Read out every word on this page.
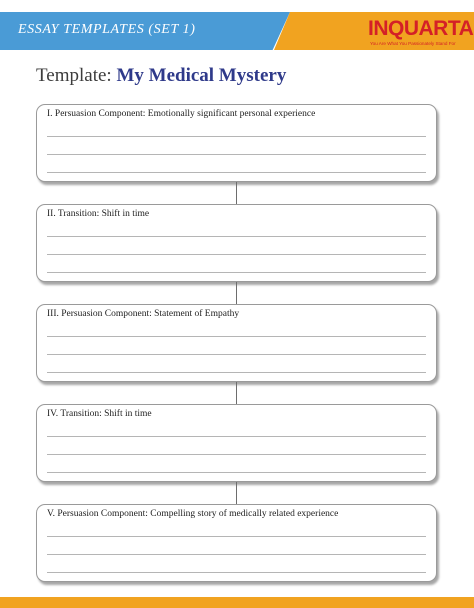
ESSAY TEMPLATES (SET 1)	INQUARTA
You Are What You Passionately Stand For
Template: My Medical Mystery
I. Persuasion Component: Emotionally significant personal experience
II. Transition: Shift in time
III. Persuasion Component: Statement of Empathy
IV. Transition: Shift in time
V. Persuasion Component: Compelling story of medically related experience
